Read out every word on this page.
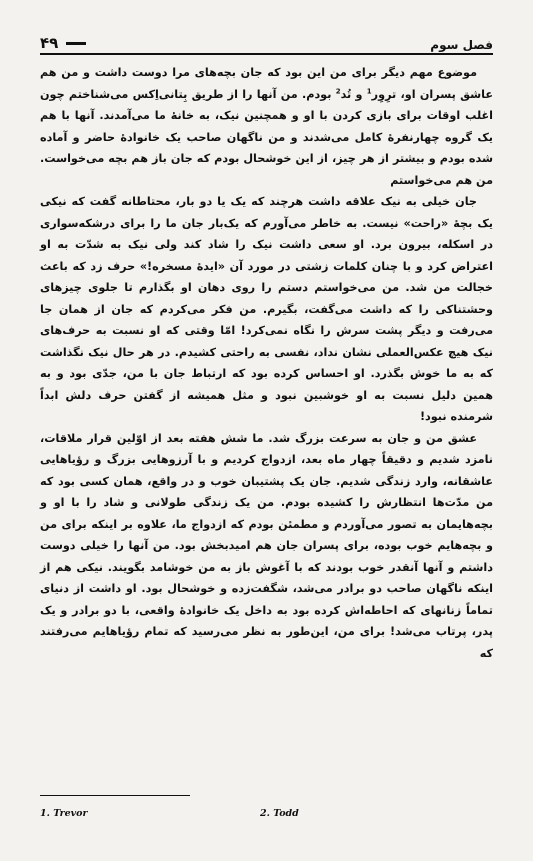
۴۹	فصل سوم

موضوع مهم دیگر برای من این بود که جان بچه‌های مرا دوست داشت و من هم عاشق پسران او، ترِوِر$^1$ و تُد$^2$ بودم. من آنها را از طریق بِتانی‌اِکس می‌شناختم چون اغلب اوقات برای بازی کردن با او و همچنین نیک، به خانهٔ ما می‌آمدند. آنها با هم یک گروه چهارنفرهٔ کامل می‌شدند و من ناگهان صاحب یک خانوادهٔ حاضر و آماده شده بودم و بیشتر از هر چیز، از این خوشحال بودم که جان باز هم بچه می‌خواست. من هم می‌خواستم

جان خیلی به نیک علاقه داشت هرچند که یک یا دو بار، محتاطانه گفت که نیکی یک بچهٔ «راحت» نیست. به خاطر می‌آورم که یک‌بار جان ما را برای درشکه‌سواری در اسکله، بیرون برد. او سعی داشت نیک را شاد کند ولی نیک به شدّت به او اعتراض کرد و با چنان کلمات زشتی در مورد آن «ایدهٔ مسخره!» حرف زد که باعث خجالت من شد. من می‌خواستم دستم را روی دهان او بگذارم تا جلوی چیزهای وحشتناکی را که داشت می‌گفت، بگیرم. من فکر می‌کردم که جان از همان جا می‌رفت و دیگر پشت سرش را نگاه نمی‌کرد! امّا وقتی که او نسبت به حرف‌های نیک هیچ عکس‌العملی نشان نداد، نفسی به راحتی کشیدم. در هر حال نیک نگذاشت که به ما خوش بگذرد. او احساس کرده بود که ارتباط جان با من، جدّی بود و به همین دلیل نسبت به او خوشبین نبود و مثل همیشه از گفتن حرف دلش ابداً شرمنده نبود!

عشق من و جان به سرعت بزرگ شد. ما شش هفته بعد از اوّلین قرار ملاقات، نامزد شدیم و دقیقاً چهار ماه بعد، ازدواج کردیم و با آرزوهایی بزرگ و رؤیاهایی عاشقانه، وارد زندگی شدیم. جان یک پشتیبان خوب و در واقع، همان کسی بود که من مدّت‌ها انتظارش را کشیده بودم. من یک زندگی طولانی و شاد را با او و بچه‌هایمان به تصور می‌آوردم و مطمئن بودم که ازدواج ما، علاوه بر اینکه برای من و بچه‌هایم خوب بوده، برای پسران جان هم امیدبخش بود. من آنها را خیلی دوست داشتم و آنها آنقدر خوب بودند که با آغوش باز به من خوشامد بگویند. نیکی هم از اینکه ناگهان صاحب دو برادر می‌شد، شگفت‌زده و خوشحال بود. او داشت از دنیای تماماً زنانهای که احاطه‌اش کرده بود به داخل یک خانوادهٔ واقعی، با دو برادر و یک پدر، پرتاب می‌شد! برای من، این‌طور به نظر می‌رسید که تمام رؤیاهایم می‌رفتند که

1. Trevor	2. Todd
